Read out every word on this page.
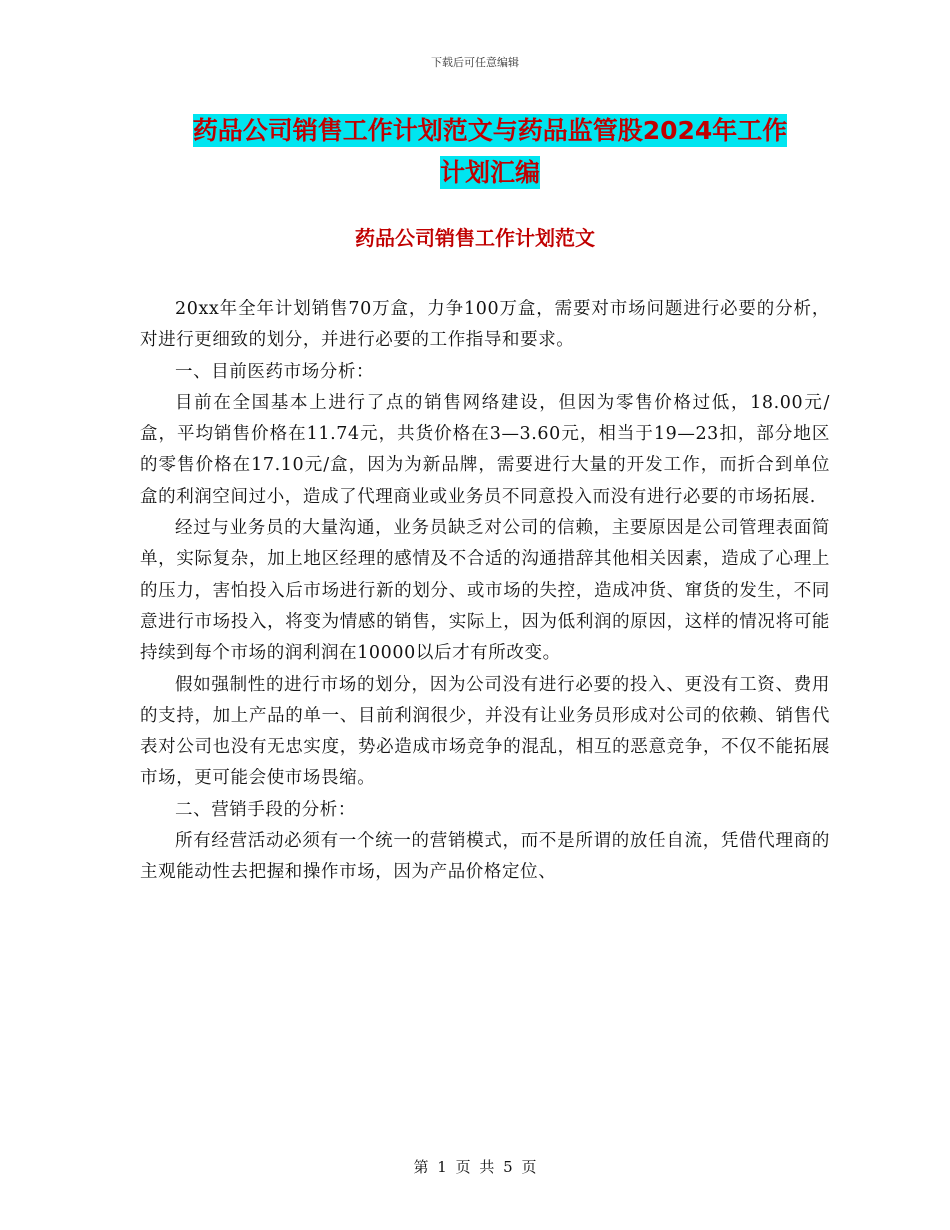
下载后可任意编辑
药品公司销售工作计划范文与药品监管股2024年工作
计划汇编
药品公司销售工作计划范文

20xx年全年计划销售70万盒，力争100万盒，需要对市场问题进行必要的分析，对进行更细致的划分，并进行必要的工作指导和要求。

一、目前医药市场分析：

目前在全国基本上进行了点的销售网络建设，但因为零售价格过低，18.00元/盒，平均销售价格在11.74元，共货价格在3—3.60元，相当于19—23扣，部分地区的零售价格在17.10元/盒，因为为新品牌，需要进行大量的开发工作，而折合到单位盒的利润空间过小，造成了代理商业或业务员不同意投入而没有进行必要的市场拓展.

经过与业务员的大量沟通，业务员缺乏对公司的信赖，主要原因是公司管理表面简单，实际复杂，加上地区经理的感情及不合适的沟通措辞其他相关因素，造成了心理上的压力，害怕投入后市场进行新的划分、或市场的失控，造成冲货、窜货的发生，不同意进行市场投入，将变为情感的销售，实际上，因为低利润的原因，这样的情况将可能持续到每个市场的润利润在10000以后才有所改变。

假如强制性的进行市场的划分，因为公司没有进行必要的投入、更没有工资、费用的支持，加上产品的单一、目前利润很少，并没有让业务员形成对公司的依赖、销售代表对公司也没有无忠实度，势必造成市场竞争的混乱，相互的恶意竞争，不仅不能拓展市场，更可能会使市场畏缩。

二、营销手段的分析：

所有经营活动必须有一个统一的营销模式，而不是所谓的放任自流，凭借代理商的主观能动性去把握和操作市场，因为产品价格定位、

第 1 页 共 5 页
